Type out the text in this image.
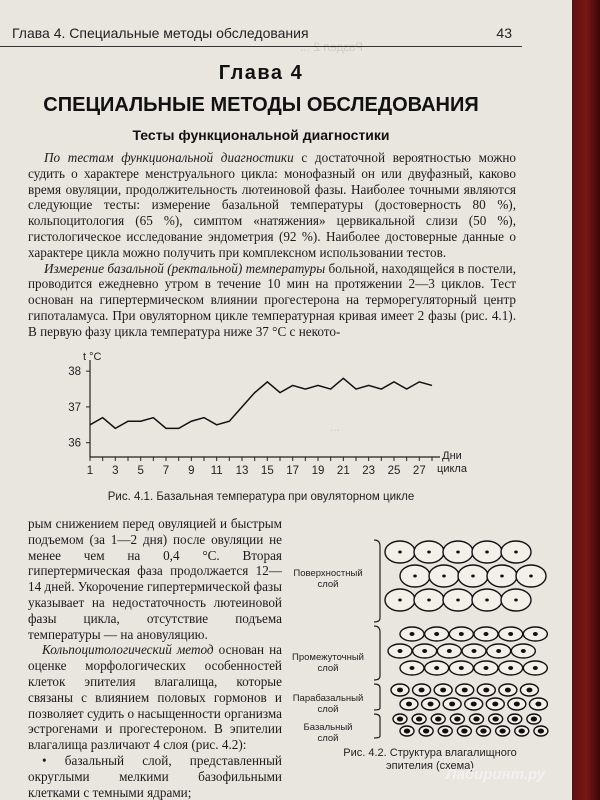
Раздел 2 ...
...
Глава 4. Специальные методы обследования	43
Глава 4
СПЕЦИАЛЬНЫЕ МЕТОДЫ ОБСЛЕДОВАНИЯ
Тесты функциональной диагностики

По тестам функциональной диагностики с достаточной вероятностью можно судить о характере менструального цикла: монофазный он или двуфазный, каково время овуляции, продолжительность лютеиновой фазы. Наиболее точными являются следующие тесты: измерение базальной температуры (достоверность 80 %), кольпоцитология (65 %), симптом «натяжения» цервикальной слизи (50 %), гистологическое исследование эндометрия (92 %). Наиболее достоверные данные о характере цикла можно получить при комплексном использовании тестов.

Измерение базальной (ректальной) температуры больной, находящейся в постели, проводится ежедневно утром в течение 10 мин на протяжении 2—3 циклов. Тест основан на гипертермическом влиянии прогестерона на терморегуляторный центр гипоталамуса. При овуляторном цикле температурная кривая имеет 2 фазы (рис. 4.1). В первую фазу цикла температура ниже 37 °С с некото-

t °С
36
37
38
1 3 5 7 9 11 13 15 17 19 21 23 25 27
Дни
цикла
Рис. 4.1. Базальная температура при овуляторном цикле

рым снижением перед овуляцией и быстрым подъемом (за 1—2 дня) после овуляции не менее чем на 0,4 °С. Вторая гипертермическая фаза продолжается 12—14 дней. Укорочение гипертермической фазы указывает на недостаточность лютеиновой фазы цикла, отсутствие подъема температуры — на ановуляцию.

Кольпоцитологический метод основан на оценке морфологических особенностей клеток эпителия влагалища, которые связаны с влиянием половых гормонов и позволяет судить о насыщенности организма эстрогенами и прогестероном. В эпителии влагалища различают 4 слоя (рис. 4.2):

• базальный слой, представленный округлыми мелкими базофильными клетками с темными ядрами;

Поверхностный
слой
Промежуточный
слой
Парабазальный
слой
Базальный
слой
Рис. 4.2. Структура влагалищного
эпителия (схема)
Лабиринт.ру
